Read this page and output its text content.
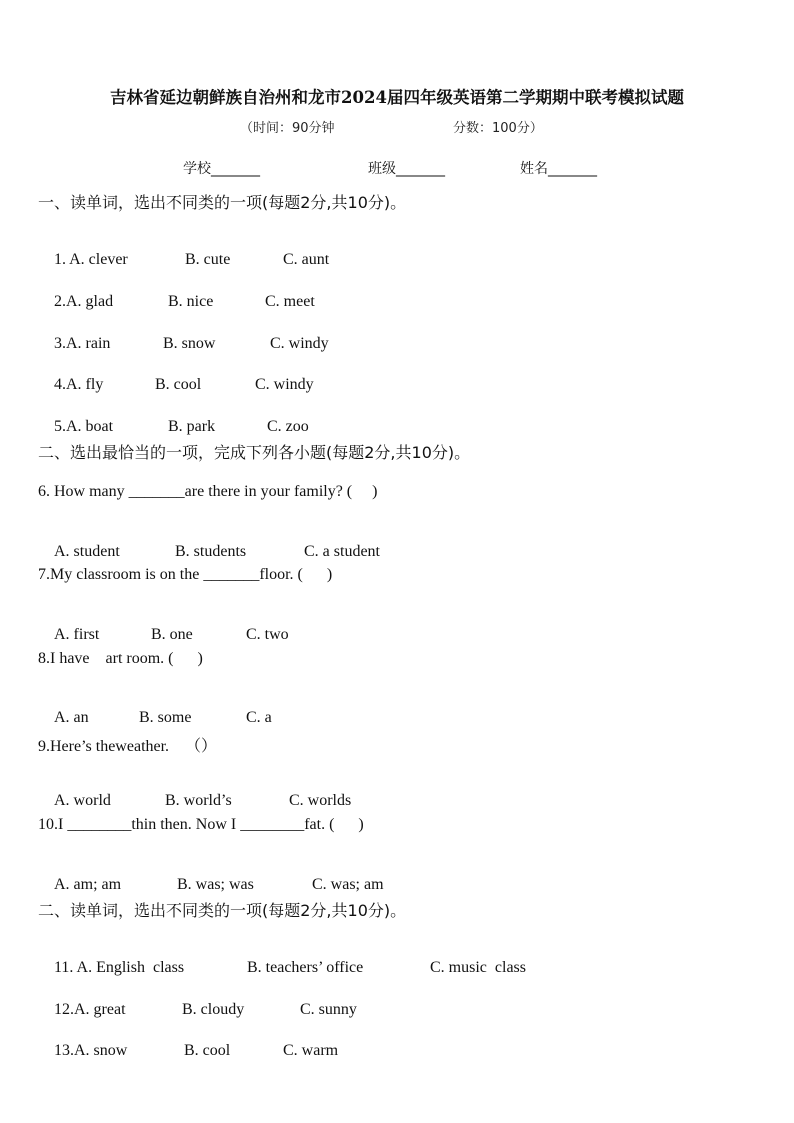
吉林省延边朝鲜族自治州和龙市2024届四年级英语第二学期期中联考模拟试题
（时间：90分钟	分数：100分）
学校_______	班级_______	姓名_______
一、读单词，选出不同类的一项(每题2分,共10分)。

1. A. clever	B. cute	C. aunt

2.A. glad	B. nice	C. meet

3.A. rain	B. snow	C. windy

4.A. fly	B. cool	C. windy

5.A. boat	B. park	C. zoo

二、选出最恰当的一项，完成下列各小题(每题2分,共10分)。
6. How many _______are there in your family? (     )

A. student	B. students	C. a student

7.My classroom is on the _______floor. (      )

A. first	B. one	C. two

8.I have    art room. (      )

A. an	B. some	C. a

9.Here’s theweather.    （）

A. world	B. world’s	C. worlds

10.I ________thin then. Now I ________fat. (      )

A. am; am	B. was; was	C. was; am

二、读单词，选出不同类的一项(每题2分,共10分)。

11. A. English  class	B. teachers’ office	C. music  class

12.A. great	B. cloudy	C. sunny

13.A. snow	B. cool	C. warm
